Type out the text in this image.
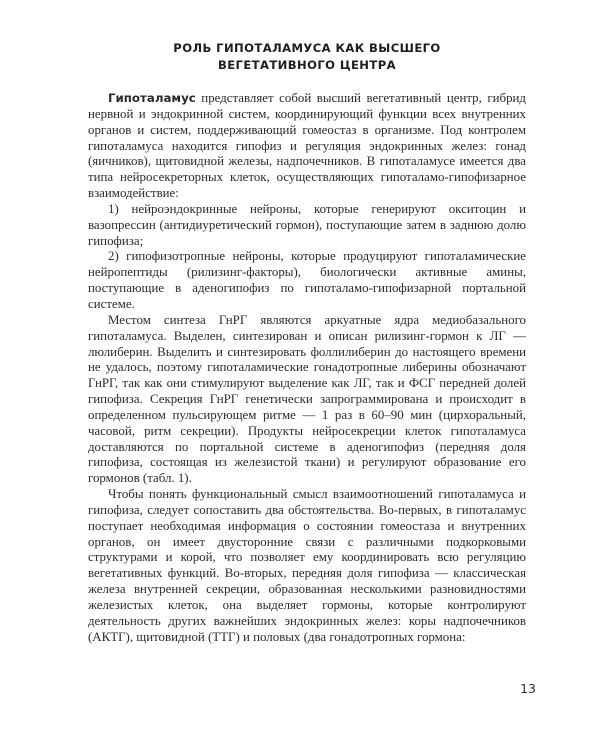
РОЛЬ ГИПОТАЛАМУСА КАК ВЫСШЕГО
ВЕГЕТАТИВНОГО ЦЕНТРА

Гипоталамус представляет собой высший вегетативный центр, гибрид нервной и эндокринной систем, координирующий функции всех внутренних органов и систем, поддерживающий гомеостаз в организме. Под контролем гипоталамуса находится гипофиз и регуляция эндокринных желез: гонад (яичников), щитовидной железы, надпочечников. В гипоталамусе имеется два типа нейросекреторных клеток, осуществляющих гипоталамо-гипофизарное взаимодействие:

1) нейроэндокринные нейроны, которые генерируют окситоцин и вазопрессин (антидиуретический гормон), поступающие затем в заднюю долю гипофиза;

2) гипофизотропные нейроны, которые продуцируют гипоталамические нейропептиды (рилизинг-факторы), биологически активные амины, поступающие в аденогипофиз по гипоталамо-гипофизарной портальной системе.

Местом синтеза ГнРГ являются аркуатные ядра медиобазального гипоталамуса. Выделен, синтезирован и описан рилизинг-гормон к ЛГ — люлиберин. Выделить и синтезировать фоллилиберин до настоящего времени не удалось, поэтому гипоталамические гонадотропные либерины обозначают ГнРГ, так как они стимулируют выделение как ЛГ, так и ФСГ передней долей гипофиза. Секреция ГнРГ генетически запрограммирована и происходит в определенном пульсирующем ритме — 1 раз в 60–90 мин (цирхоральный, часовой, ритм секреции). Продукты нейросекреции клеток гипоталамуса доставляются по портальной системе в аденогипофиз (передняя доля гипофиза, состоящая из железистой ткани) и регулируют образование его гормонов (табл. 1).

Чтобы понять функциональный смысл взаимоотношений гипоталамуса и гипофиза, следует сопоставить два обстоятельства. Во-первых, в гипоталамус поступает необходимая информация о состоянии гомеостаза и внутренних органов, он имеет двусторонние связи с различными подкорковыми структурами и корой, что позволяет ему координировать всю регуляцию вегетативных функций. Во-вторых, передняя доля гипофиза — классическая железа внутренней секреции, образованная несколькими разновидностями железистых клеток, она выделяет гормоны, которые контролируют деятельность других важнейших эндокринных желез: коры надпочечников (АКТГ), щитовидной (ТТГ) и половых (два гонадотропных гормона:

13
